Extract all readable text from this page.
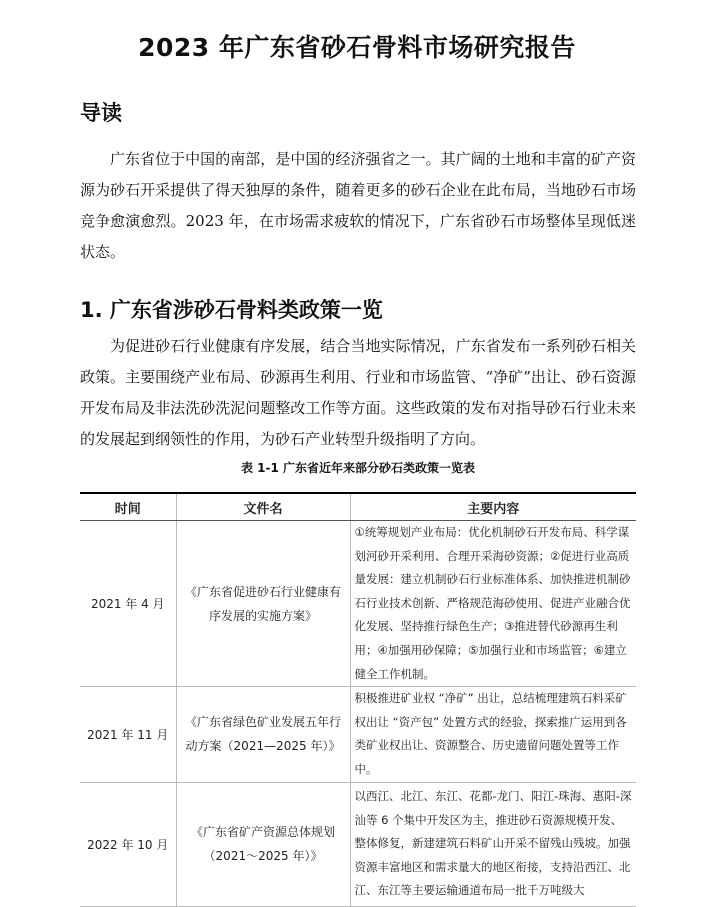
2023 年广东省砂石骨料市场研究报告
导读

广东省位于中国的南部，是中国的经济强省之一。其广阔的土地和丰富的矿产资源为砂石开采提供了得天独厚的条件，随着更多的砂石企业在此布局，当地砂石市场竞争愈演愈烈。2023 年，在市场需求疲软的情况下，广东省砂石市场整体呈现低迷状态。

1. 广东省涉砂石骨料类政策一览

为促进砂石行业健康有序发展，结合当地实际情况，广东省发布一系列砂石相关政策。主要围绕产业布局、砂源再生利用、行业和市场监管、“净矿”出让、砂石资源开发布局及非法洗砂洗泥问题整改工作等方面。这些政策的发布对指导砂石行业未来的发展起到纲领性的作用，为砂石产业转型升级指明了方向。

表 1-1 广东省近年来部分砂石类政策一览表
时间	文件名	主要内容
2021 年 4 月	《广东省促进砂石行业健康有序发展的实施方案》	①统筹规划产业布局：优化机制砂石开发布局、科学谋划河砂开采利用、合理开采海砂资源；②促进行业高质量发展：建立机制砂石行业标准体系、加快推进机制砂石行业技术创新、严格规范海砂使用、促进产业融合优化发展、坚持推行绿色生产；③推进替代砂源再生利用；④加强用砂保障；⑤加强行业和市场监管；⑥建立健全工作机制。
2021 年 11 月	《广东省绿色矿业发展五年行动方案（2021—2025 年）》	积极推进矿业权 “净矿” 出让，总结梳理建筑石料采矿权出让 “资产包” 处置方式的经验，探索推广运用到各类矿业权出让、资源整合、历史遗留问题处置等工作中。
2022 年 10 月	《广东省矿产资源总体规划（2021～2025 年）》	以西江、北江、东江、花都-龙门、阳江-珠海、惠阳-深汕等 6 个集中开发区为主，推进砂石资源规模开发、整体修复，新建建筑石料矿山开采不留残山残坡。加强资源丰富地区和需求量大的地区衔接，支持沿西江、北江、东江等主要运输通道布局一批千万吨级大
